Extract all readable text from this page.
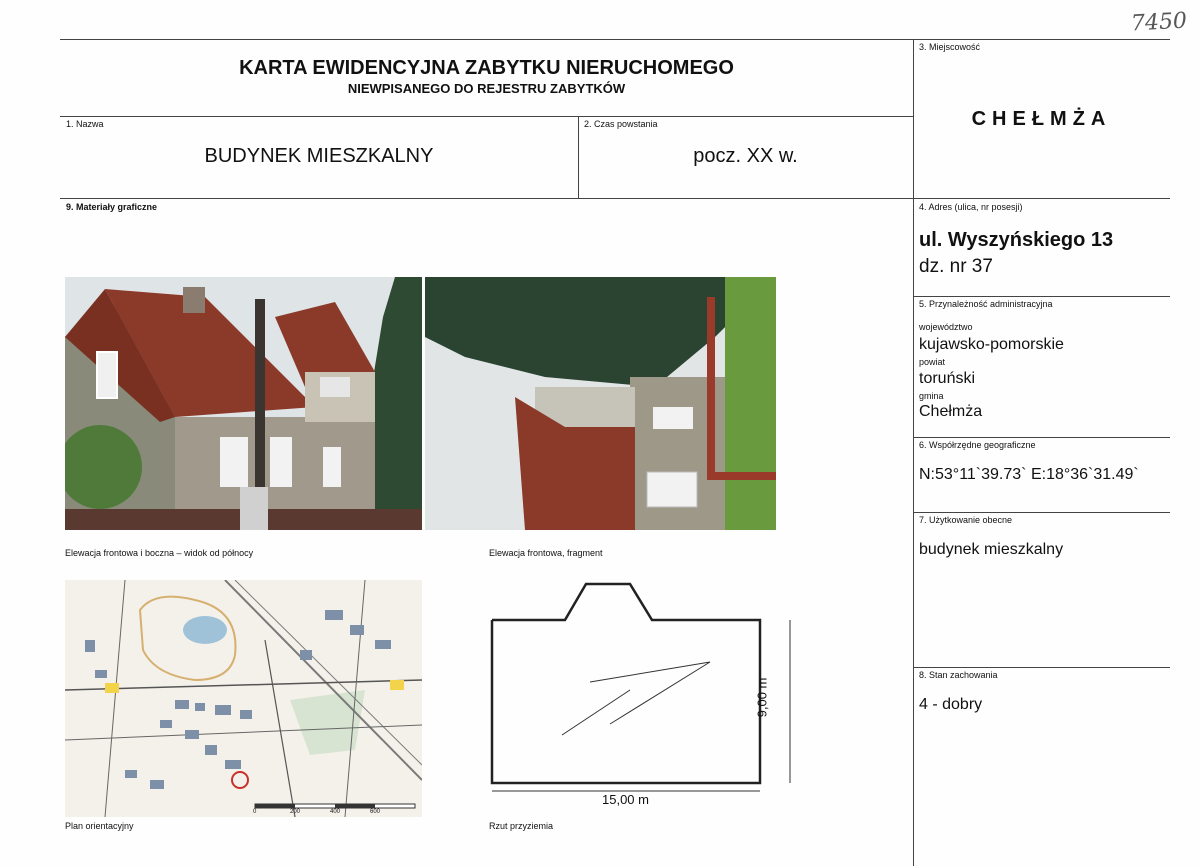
7450
KARTA EWIDENCYJNA ZABYTKU NIERUCHOMEGO
NIEWPISANEGO DO REJESTRU ZABYTKÓW
1. Nazwa
BUDYNEK MIESZKALNY
2. Czas powstania
pocz. XX w.
3. Miejscowość
CHEŁMŻA
4. Adres (ulica, nr posesji)
ul. Wyszyńskiego 13
dz. nr 37
5. Przynależność administracyjna
województwo
kujawsko-pomorskie
powiat
toruński
gmina
Chełmża
6. Współrzędne geograficzne
N:53°11`39.73` E:18°36`31.49`
7. Użytkowanie obecne
budynek mieszkalny
8. Stan zachowania
4 - dobry
9. Materiały graficzne
Elewacja frontowa i boczna – widok od północy	Elewacja frontowa, fragment
0	200	400	600
Plan orientacyjny
15,00 m
9,00 m
Rzut przyziemia
